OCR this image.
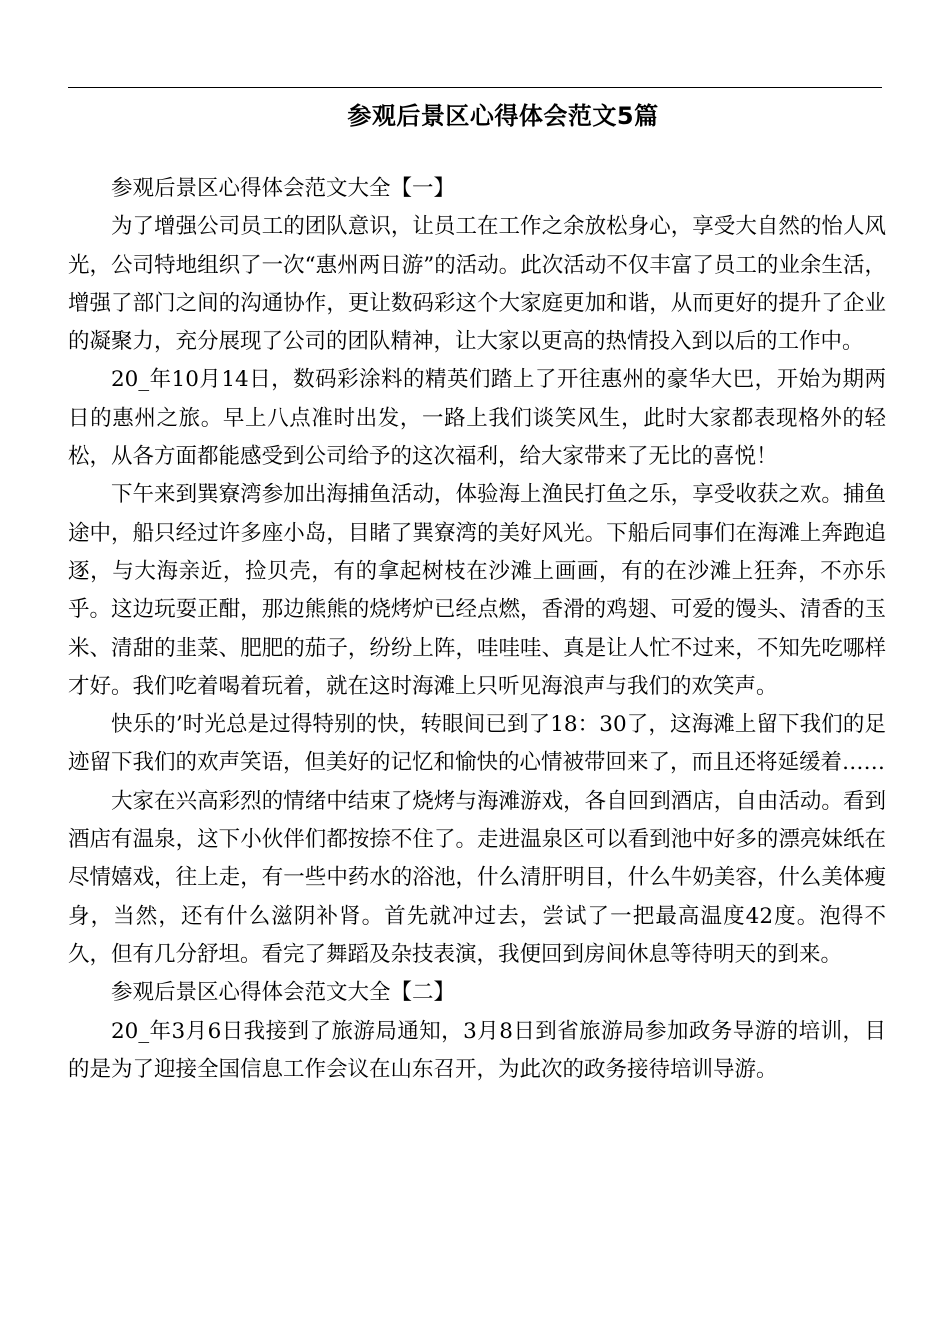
参观后景区心得体会范文5篇

参观后景区心得体会范文大全【一】

为了增强公司员工的团队意识，让员工在工作之余放松身心，享受大自然的怡人风光，公司特地组织了一次“惠州两日游”的活动。此次活动不仅丰富了员工的业余生活，增强了部门之间的沟通协作，更让数码彩这个大家庭更加和谐，从而更好的提升了企业的凝聚力，充分展现了公司的团队精神，让大家以更高的热情投入到以后的工作中。

20_年10月14日，数码彩涂料的精英们踏上了开往惠州的豪华大巴，开始为期两日的惠州之旅。早上八点准时出发，一路上我们谈笑风生，此时大家都表现格外的轻松，从各方面都能感受到公司给予的这次福利，给大家带来了无比的喜悦！

下午来到巽寮湾参加出海捕鱼活动，体验海上渔民打鱼之乐，享受收获之欢。捕鱼途中，船只经过许多座小岛，目睹了巽寮湾的美好风光。下船后同事们在海滩上奔跑追逐，与大海亲近，捡贝壳，有的拿起树枝在沙滩上画画，有的在沙滩上狂奔，不亦乐乎。这边玩耍正酣，那边熊熊的烧烤炉已经点燃，香滑的鸡翅、可爱的馒头、清香的玉米、清甜的韭菜、肥肥的茄子，纷纷上阵，哇哇哇、真是让人忙不过来，不知先吃哪样才好。我们吃着喝着玩着，就在这时海滩上只听见海浪声与我们的欢笑声。

快乐的’时光总是过得特别的快，转眼间已到了18：30了，这海滩上留下我们的足迹留下我们的欢声笑语，但美好的记忆和愉快的心情被带回来了，而且还将延缓着……

大家在兴高彩烈的情绪中结束了烧烤与海滩游戏，各自回到酒店，自由活动。看到酒店有温泉，这下小伙伴们都按捺不住了。走进温泉区可以看到池中好多的漂亮妹纸在尽情嬉戏，往上走，有一些中药水的浴池，什么清肝明目，什么牛奶美容，什么美体瘦身，当然，还有什么滋阴补肾。首先就冲过去，尝试了一把最高温度42度。泡得不久，但有几分舒坦。看完了舞蹈及杂技表演，我便回到房间休息等待明天的到来。

参观后景区心得体会范文大全【二】

20_年3月6日我接到了旅游局通知，3月8日到省旅游局参加政务导游的培训，目的是为了迎接全国信息工作会议在山东召开，为此次的政务接待培训导游。
